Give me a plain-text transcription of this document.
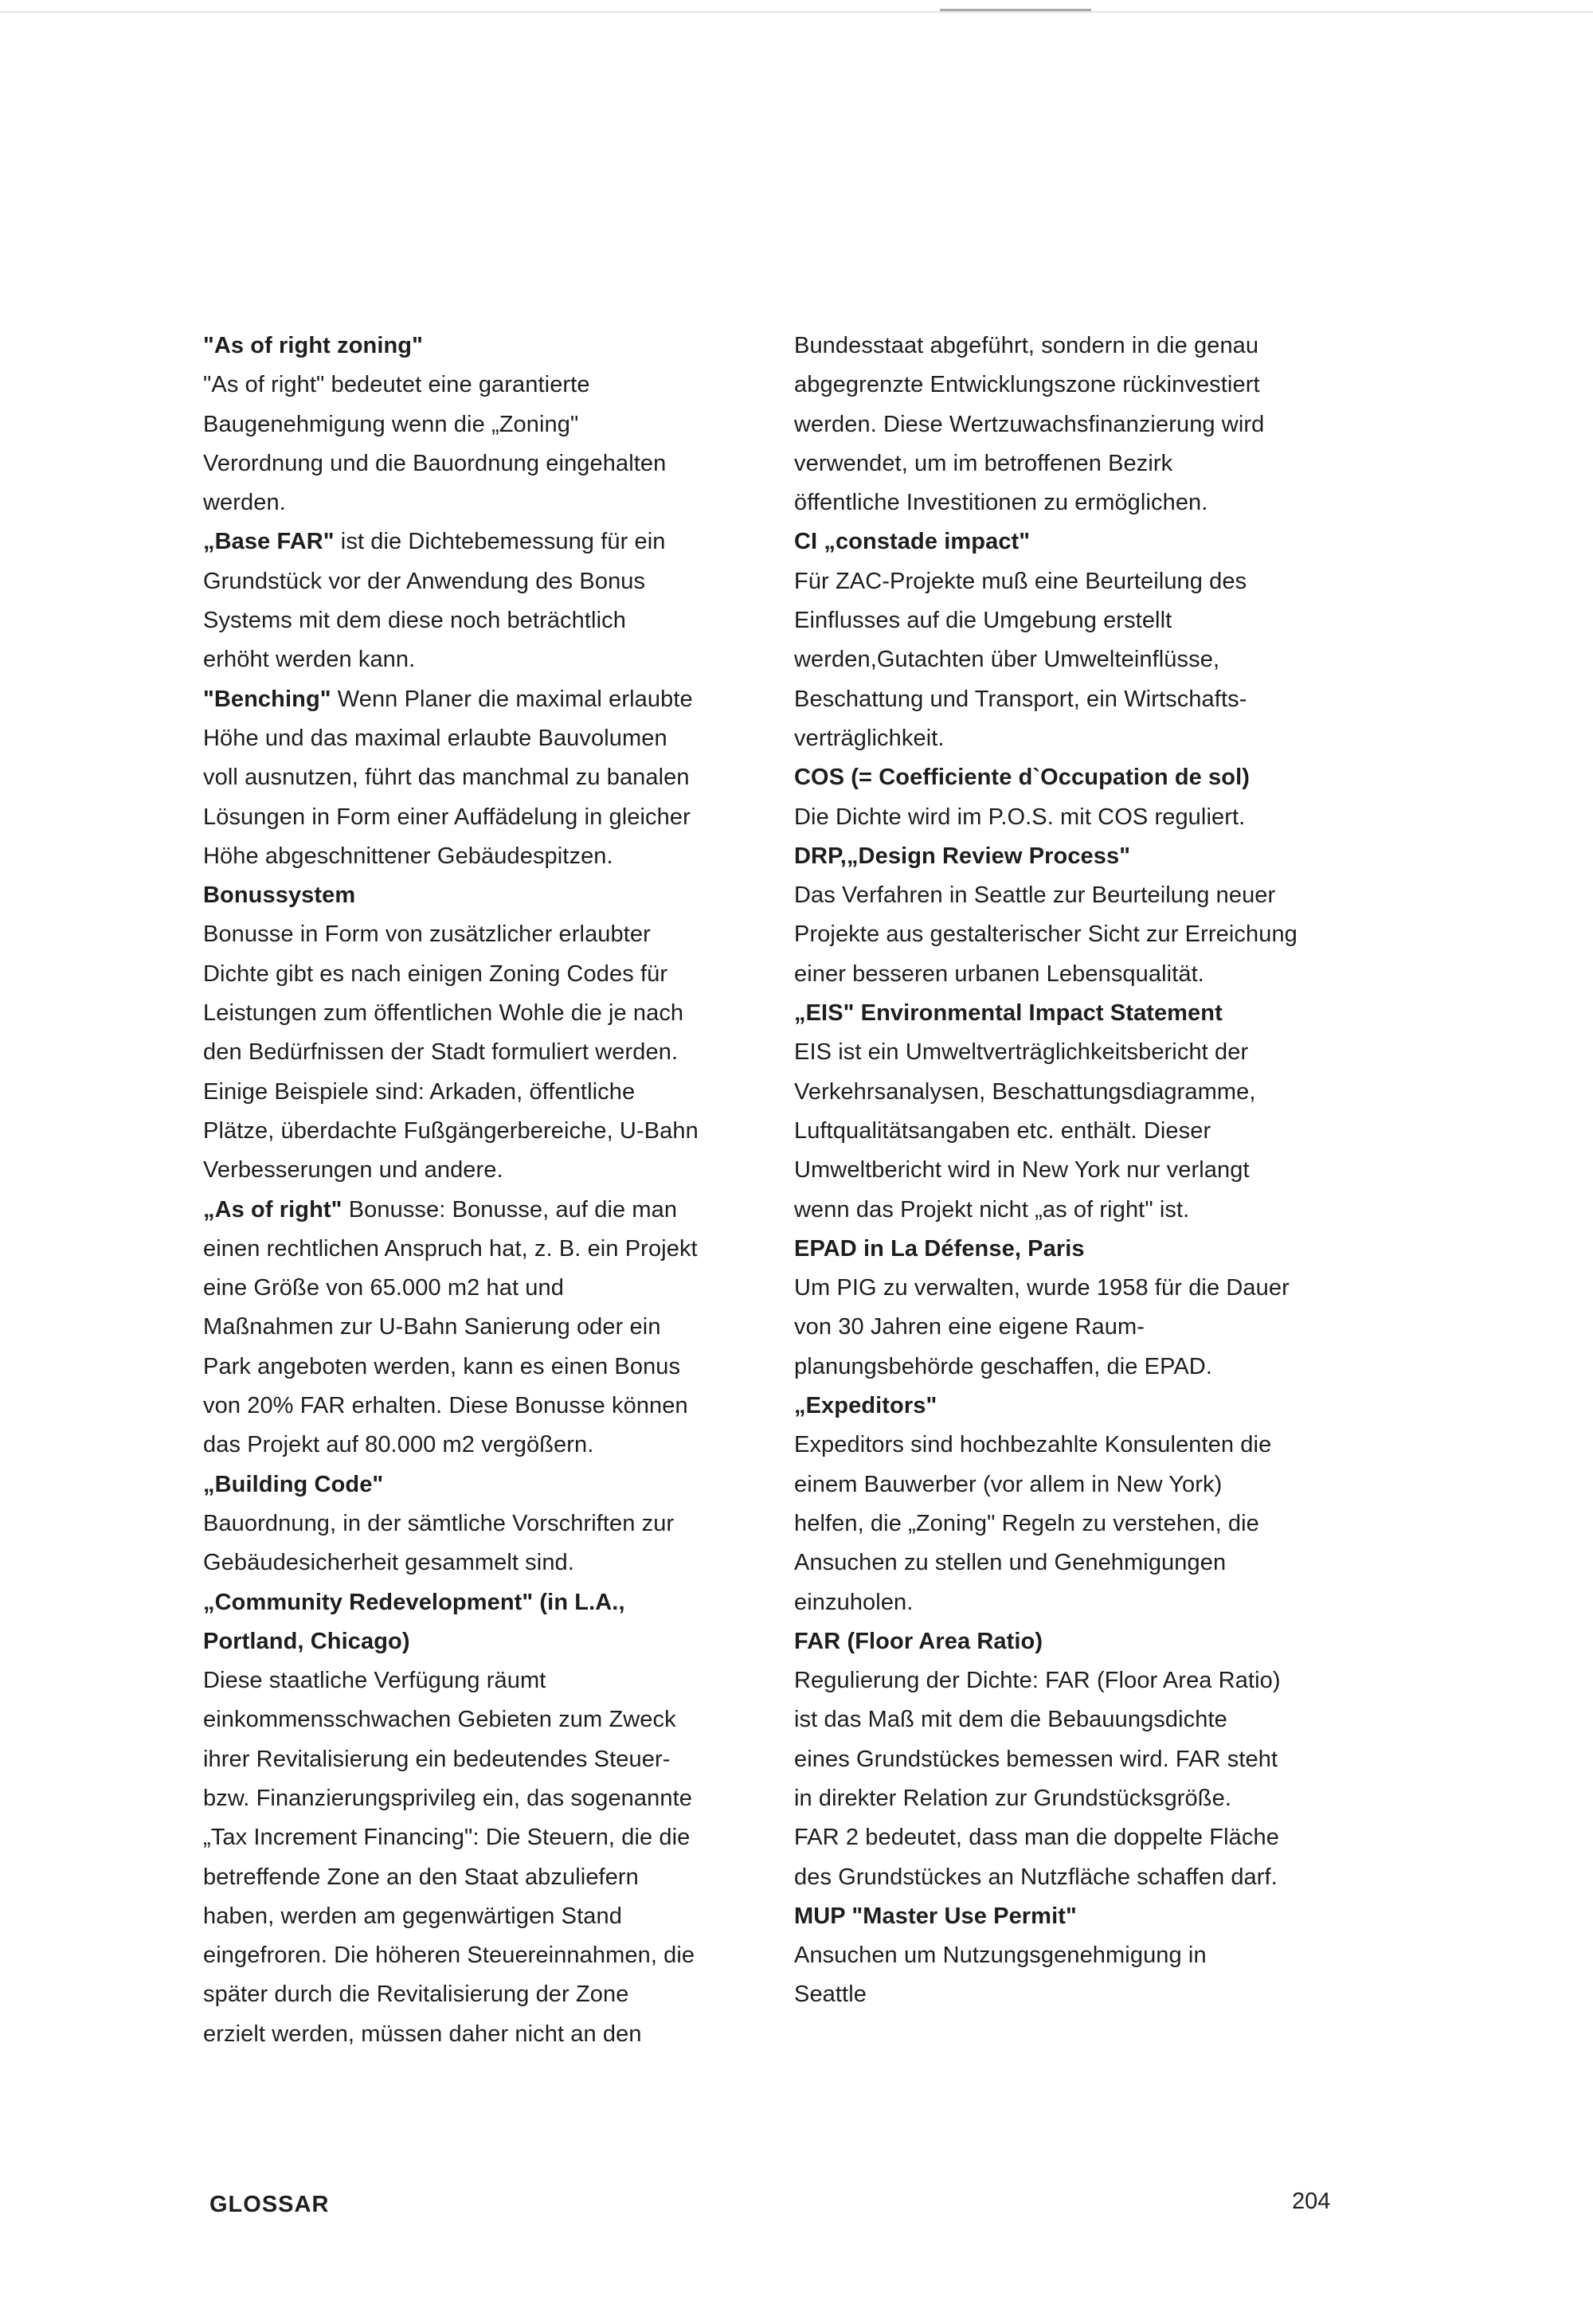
"As of right zoning"

"As of right" bedeutet eine garantierte
Baugenehmigung wenn die „Zoning"
Verordnung und die Bauordnung eingehalten
werden.

„Base FAR" ist die Dichtebemessung für ein
Grundstück vor der Anwendung des Bonus
Systems mit dem diese noch beträchtlich
erhöht werden kann.

"Benching" Wenn Planer die maximal erlaubte
Höhe und das maximal erlaubte Bauvolumen
voll ausnutzen, führt das manchmal zu banalen
Lösungen in Form einer Auffädelung in gleicher
Höhe abgeschnittener Gebäudespitzen.

Bonussystem

Bonusse in Form von zusätzlicher erlaubter
Dichte gibt es nach einigen Zoning Codes für
Leistungen zum öffentlichen Wohle die je nach
den Bedürfnissen der Stadt formuliert werden.
Einige Beispiele sind: Arkaden, öffentliche
Plätze, überdachte Fußgängerbereiche, U-Bahn
Verbesserungen und andere.

„As of right" Bonusse: Bonusse, auf die man
einen rechtlichen Anspruch hat, z. B. ein Projekt
eine Größe von 65.000 m2 hat und
Maßnahmen zur U-Bahn Sanierung oder ein
Park angeboten werden, kann es einen Bonus
von 20% FAR erhalten. Diese Bonusse können
das Projekt auf 80.000 m2 vergößern.

„Building Code"

Bauordnung, in der sämtliche Vorschriften zur
Gebäudesicherheit gesammelt sind.

„Community Redevelopment" (in L.A.,
Portland, Chicago)

Diese staatliche Verfügung räumt
einkommensschwachen Gebieten zum Zweck
ihrer Revitalisierung ein bedeutendes Steuer-
bzw. Finanzierungsprivileg ein, das sogenannte
„Tax Increment Financing": Die Steuern, die die
betreffende Zone an den Staat abzuliefern
haben, werden am gegenwärtigen Stand
eingefroren. Die höheren Steuereinnahmen, die
später durch die Revitalisierung der Zone
erzielt werden, müssen daher nicht an den

Bundesstaat abgeführt, sondern in die genau
abgegrenzte Entwicklungszone rückinvestiert
werden. Diese Wertzuwachsfinanzierung wird
verwendet, um im betroffenen Bezirk
öffentliche Investitionen zu ermöglichen.

CI „constade impact"

Für ZAC-Projekte muß eine Beurteilung des
Einflusses auf die Umgebung erstellt
werden,Gutachten über Umwelteinflüsse,
Beschattung und Transport, ein Wirtschafts-
verträglichkeit.

COS (= Coefficiente d`Occupation de sol)

Die Dichte wird im P.O.S. mit COS reguliert.

DRP,„Design Review Process"

Das Verfahren in Seattle zur Beurteilung neuer
Projekte aus gestalterischer Sicht zur Erreichung
einer besseren urbanen Lebensqualität.

„EIS" Environmental Impact Statement

EIS ist ein Umweltverträglichkeitsbericht der
Verkehrsanalysen, Beschattungsdiagramme,
Luftqualitätsangaben etc. enthält. Dieser
Umweltbericht wird in New York nur verlangt
wenn das Projekt nicht „as of right" ist.

EPAD in La Défense, Paris

Um PIG zu verwalten, wurde 1958 für die Dauer
von 30 Jahren eine eigene Raum-
planungsbehörde geschaffen, die EPAD.

„Expeditors"

Expeditors sind hochbezahlte Konsulenten die
einem Bauwerber (vor allem in New York)
helfen, die „Zoning" Regeln zu verstehen, die
Ansuchen zu stellen und Genehmigungen
einzuholen.

FAR (Floor Area Ratio)

Regulierung der Dichte: FAR (Floor Area Ratio)
ist das Maß mit dem die Bebauungsdichte
eines Grundstückes bemessen wird. FAR steht
in direkter Relation zur Grundstücksgröße.
FAR 2 bedeutet, dass man die doppelte Fläche
des Grundstückes an Nutzfläche schaffen darf.

MUP "Master Use Permit"

Ansuchen um Nutzungsgenehmigung in
Seattle

GLOSSAR	204
